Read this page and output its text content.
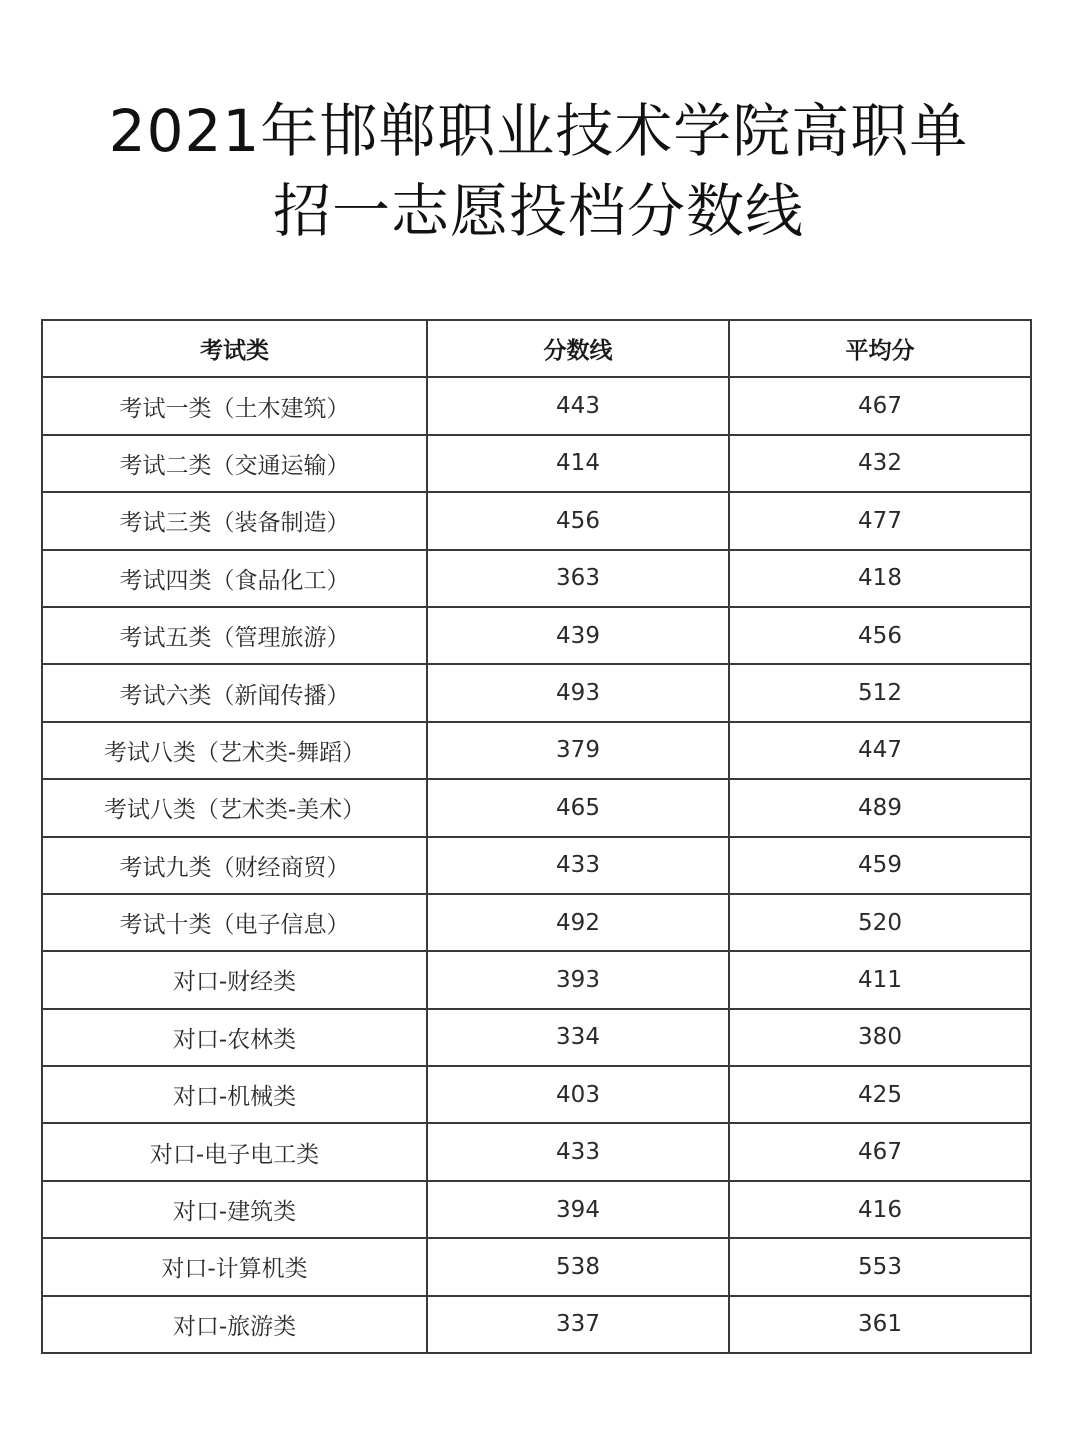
2021年邯郸职业技术学院高职单
招一志愿投档分数线
考试类	分数线	平均分
考试一类（土木建筑）	443	467
考试二类（交通运输）	414	432
考试三类（装备制造）	456	477
考试四类（食品化工）	363	418
考试五类（管理旅游）	439	456
考试六类（新闻传播）	493	512
考试八类（艺术类-舞蹈）	379	447
考试八类（艺术类-美术）	465	489
考试九类（财经商贸）	433	459
考试十类（电子信息）	492	520
对口-财经类	393	411
对口-农林类	334	380
对口-机械类	403	425
对口-电子电工类	433	467
对口-建筑类	394	416
对口-计算机类	538	553
对口-旅游类	337	361
